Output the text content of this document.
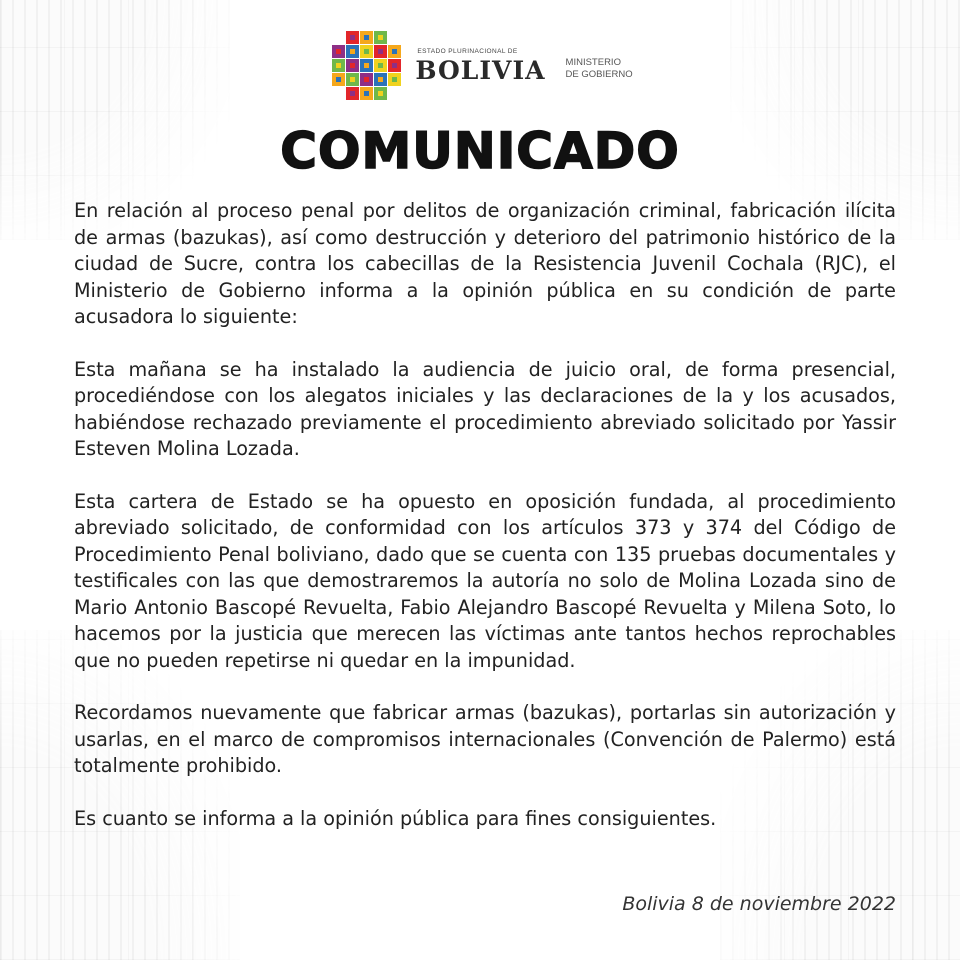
ESTADO PLURINACIONAL DE
BOLIVIA MINISTERIO
DE GOBIERNO
COMUNICADO

En relación al proceso penal por delitos de organización criminal, fabricación ilícita de armas (bazukas), así como destrucción y deterioro del patrimonio histórico de la ciudad de Sucre, contra los cabecillas de la Resistencia Juvenil Cochala (RJC), el Ministerio de Gobierno informa a la opinión pública en su condición de parte acusadora lo siguiente:

Esta mañana se ha instalado la audiencia de juicio oral, de forma presencial, procediéndose con los alegatos iniciales y las declaraciones de la y los acusados, habiéndose rechazado previamente el procedimiento abreviado solicitado por Yassir Esteven Molina Lozada.

Esta cartera de Estado se ha opuesto en oposición fundada, al procedimiento abreviado solicitado, de conformidad con los artículos 373 y 374 del Código de Procedimiento Penal boliviano, dado que se cuenta con 135 pruebas documentales y testificales con las que demostraremos la autoría no solo de Molina Lozada sino de Mario Antonio Bascopé Revuelta, Fabio Alejandro Bascopé Revuelta y Milena Soto, lo hacemos por la justicia que merecen las víctimas ante tantos hechos reprochables que no pueden repetirse ni quedar en la impunidad.

Recordamos nuevamente que fabricar armas (bazukas), portarlas sin autorización y usarlas, en el marco de compromisos internacionales (Convención de Palermo) está totalmente prohibido.

Es cuanto se informa a la opinión pública para fines consiguientes.

Bolivia 8 de noviembre 2022
